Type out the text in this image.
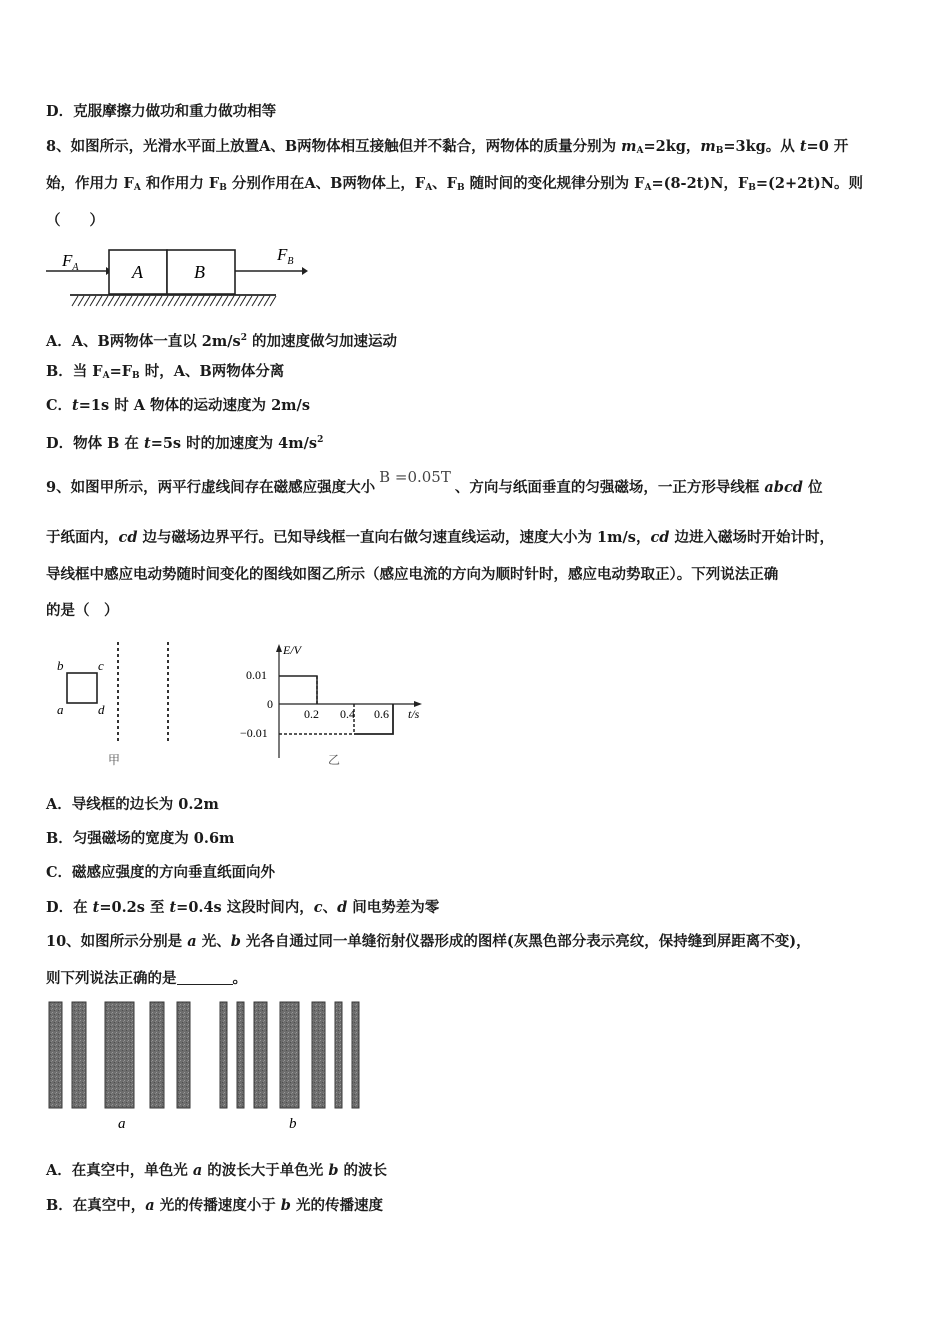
D．克服摩擦力做功和重力做功相等
8、如图所示，光滑水平面上放置A、B两物体相互接触但并不黏合，两物体的质量分别为 $m_A=2kg$，$m_B=3kg$。从 t=0 开
始，作用力 $F_A$ 和作用力 $F_B$ 分别作用在A、B两物体上，$F_A$、$F_B$ 随时间的变化规律分别为 $F_A=(8-2t)N$，$F_B=(2+2t)N$。则
（　　）
$F_A$	A	B
$F_B$
A．A、B两物体一直以 $2m/s^2$ 的加速度做匀加速运动
B．当 $F_A=F_B$ 时，A、B两物体分离
C．t=1s 时 A 物体的运动速度为 2m/s
D．物体 B 在 t=5s 时的加速度为 $4m/s^2$
9、如图甲所示，两平行虚线间存在磁感应强度大小B =0.05T、方向与纸面垂直的匀强磁场，一正方形导线框 abcd 位
于纸面内，cd 边与磁场边界平行。已知导线框一直向右做匀速直线运动，速度大小为 1m/s，cd 边进入磁场时开始计时，
导线框中感应电动势随时间变化的图线如图乙所示（感应电流的方向为顺时针时，感应电动势取正）。下列说法正确
的是（　）
b	c
a	d
甲
E/V
0.01
0
−0.01
0.2 0.4 0.6 t/s
乙
A．导线框的边长为 0.2m
B．匀强磁场的宽度为 0.6m
C．磁感应强度的方向垂直纸面向外
D．在 t=0.2s 至 t=0.4s 这段时间内，c、d 间电势差为零
10、如图所示分别是 a 光、b 光各自通过同一单缝衍射仪器形成的图样(灰黑色部分表示亮纹，保持缝到屏距离不变)，
则下列说法正确的是	。
a	b
A．在真空中，单色光 a 的波长大于单色光 b 的波长
B．在真空中，a 光的传播速度小于 b 光的传播速度
